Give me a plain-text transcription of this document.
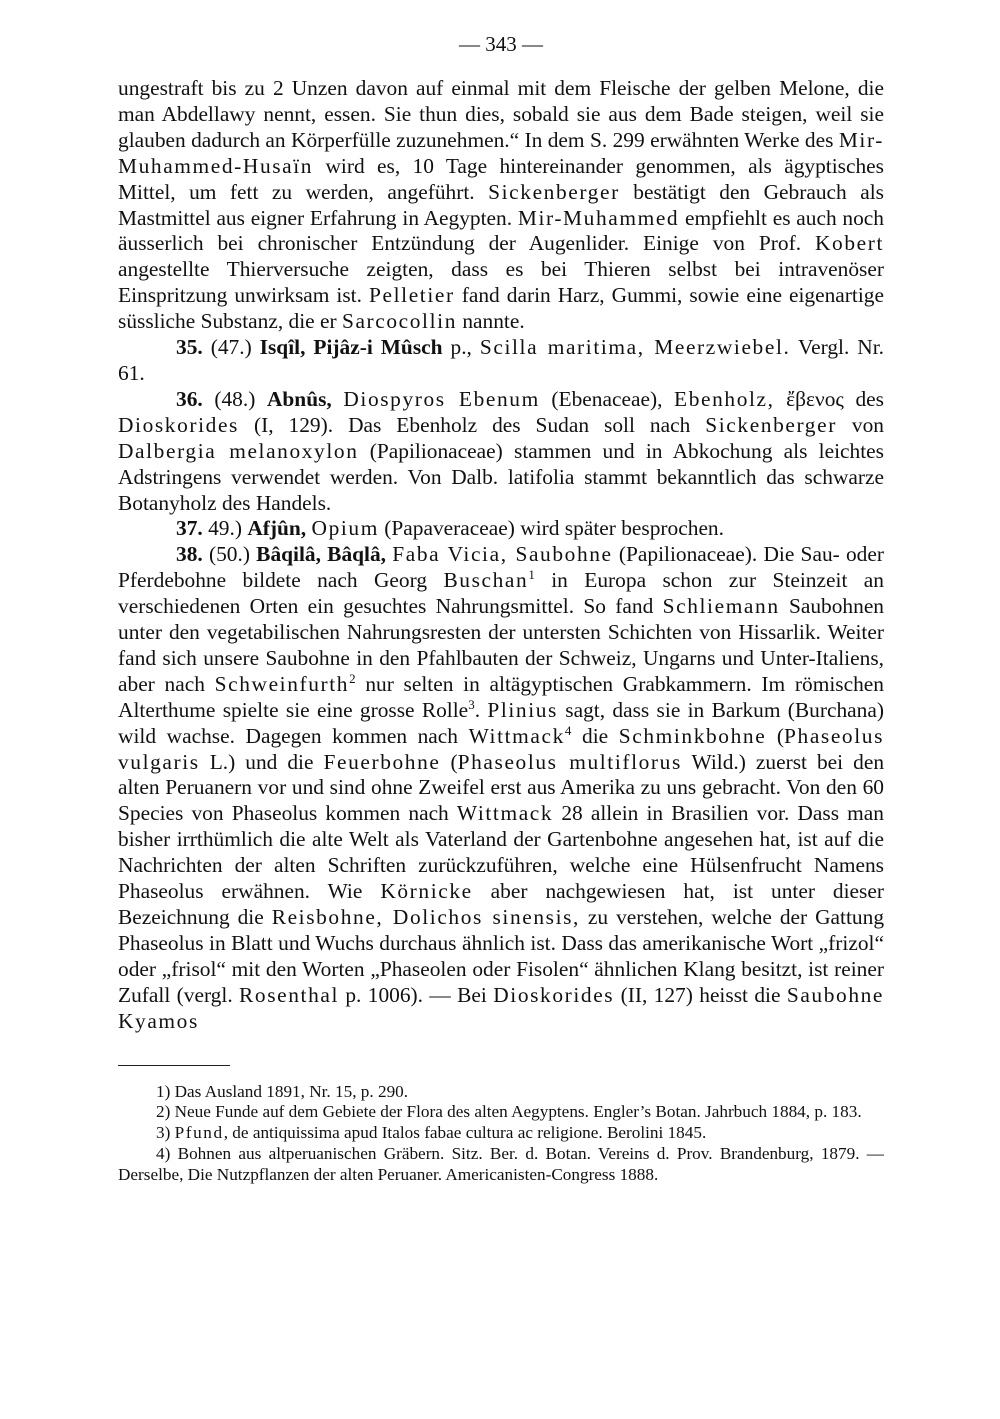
— 343 —

ungestraft bis zu 2 Unzen davon auf einmal mit dem Fleische der gelben Melone, die man Abdellawy nennt, essen. Sie thun dies, sobald sie aus dem Bade steigen, weil sie glauben dadurch an Körperfülle zuzunehmen.“ In dem S. 299 erwähnten Werke des Mir-Muhammed-Husaïn wird es, 10 Tage hintereinander genommen, als ägyptisches Mittel, um fett zu werden, angeführt. Sickenberger bestätigt den Gebrauch als Mastmittel aus eigner Erfahrung in Aegypten. Mir-Muhammed empfiehlt es auch noch äusserlich bei chronischer Entzündung der Augenlider. Einige von Prof. Kobert angestellte Thierversuche zeigten, dass es bei Thieren selbst bei intravenöser Einspritzung unwirksam ist. Pelletier fand darin Harz, Gummi, sowie eine eigenartige süssliche Substanz, die er Sarcocollin nannte.

35. (47.) Isqîl, Pijâz-i Mûsch p., Scilla maritima, Meerzwiebel. Vergl. Nr. 61.

36. (48.) Abnûs, Diospyros Ebenum (Ebenaceae), Ebenholz, ἔβενος des Dioskorides (I, 129). Das Ebenholz des Sudan soll nach Sickenberger von Dalbergia melanoxylon (Papilionaceae) stammen und in Abkochung als leichtes Adstringens verwendet werden. Von Dalb. latifolia stammt bekanntlich das schwarze Botanyholz des Handels.

37. 49.) Afjûn, Opium (Papaveraceae) wird später besprochen.

38. (50.) Bâqilâ, Bâqlâ, Faba Vicia, Saubohne (Papilionaceae). Die Sau- oder Pferdebohne bildete nach Georg Buschan$^1$ in Europa schon zur Steinzeit an verschiedenen Orten ein gesuchtes Nahrungsmittel. So fand Schliemann Saubohnen unter den vegetabilischen Nahrungsresten der untersten Schichten von Hissarlik. Weiter fand sich unsere Saubohne in den Pfahlbauten der Schweiz, Ungarns und Unter-Italiens, aber nach Schweinfurth$^2$ nur selten in altägyptischen Grabkammern. Im römischen Alterthume spielte sie eine grosse Rolle$^3$. Plinius sagt, dass sie in Barkum (Burchana) wild wachse. Dagegen kommen nach Wittmack$^4$ die Schminkbohne (Phaseolus vulgaris L.) und die Feuerbohne (Phaseolus multiflorus Wild.) zuerst bei den alten Peruanern vor und sind ohne Zweifel erst aus Amerika zu uns gebracht. Von den 60 Species von Phaseolus kommen nach Wittmack 28 allein in Brasilien vor. Dass man bisher irrthümlich die alte Welt als Vaterland der Gartenbohne angesehen hat, ist auf die Nachrichten der alten Schriften zurückzuführen, welche eine Hülsenfrucht Namens Phaseolus erwähnen. Wie Körnicke aber nachgewiesen hat, ist unter dieser Bezeichnung die Reisbohne, Dolichos sinensis, zu verstehen, welche der Gattung Phaseolus in Blatt und Wuchs durchaus ähnlich ist. Dass das amerikanische Wort „frizol“ oder „frisol“ mit den Worten „Phaseolen oder Fisolen“ ähnlichen Klang besitzt, ist reiner Zufall (vergl. Rosenthal p. 1006). — Bei Dioskorides (II, 127) heisst die Saubohne Kyamos

1) Das Ausland 1891, Nr. 15, p. 290.

2) Neue Funde auf dem Gebiete der Flora des alten Aegyptens. Engler’s Botan. Jahrbuch 1884, p. 183.

3) Pfund, de antiquissima apud Italos fabae cultura ac religione. Berolini 1845.

4) Bohnen aus altperuanischen Gräbern. Sitz. Ber. d. Botan. Vereins d. Prov. Brandenburg, 1879. — Derselbe, Die Nutzpflanzen der alten Peruaner. Americanisten-Congress 1888.
